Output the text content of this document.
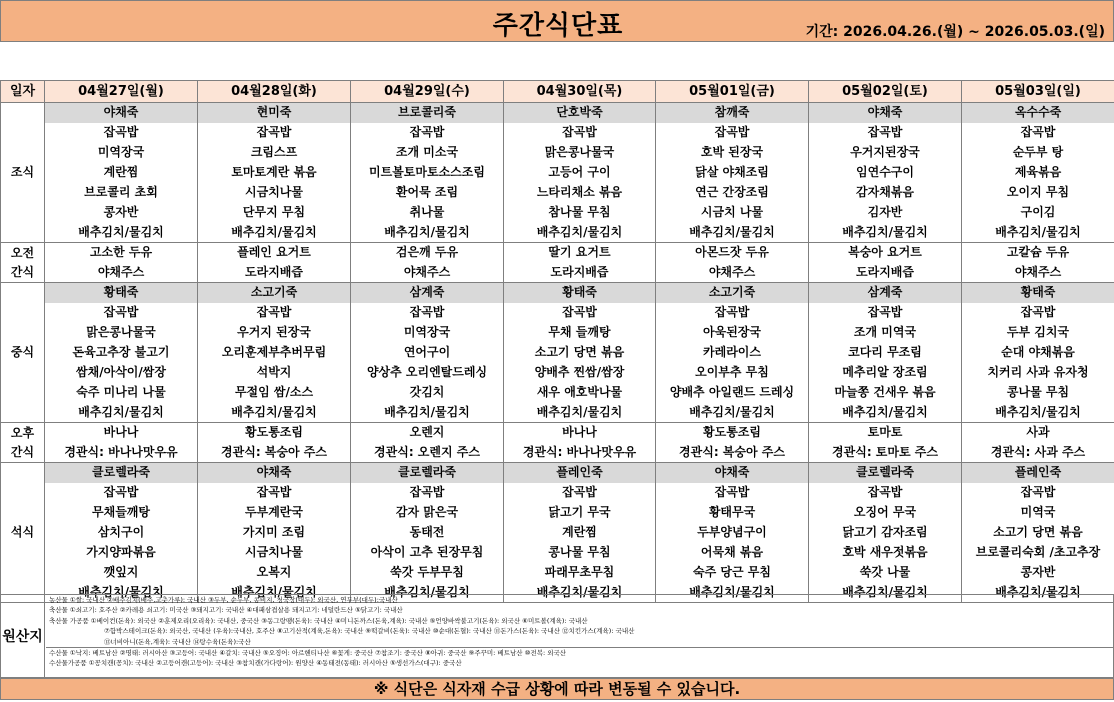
주간식단표	기간: 2026.04.26.(월) ~ 2026.05.03.(일)
일자	04월27일(월)	04월28일(화)	04월29일(수)	04월30일(목)	05월01일(금)	05월02일(토)	05월03일(일)
조식	야채죽	현미죽	브로콜리죽	단호박죽	참깨죽	야채죽	옥수수죽
	잡곡밥	잡곡밥	잡곡밥	잡곡밥	잡곡밥	잡곡밥	잡곡밥
	미역장국	크림스프	조개 미소국	맑은콩나물국	호박 된장국	우거지된장국	순두부 탕
	계란찜	토마토계란 볶음	미트볼토마토소스조림	고등어 구이	닭살 야채조림	임연수구이	제육볶음
	브로콜리 초회	시금치나물	환어묵 조림	느타리채소 볶음	연근 간장조림	감자채볶음	오이지 무침
	콩자반	단무지 무침	취나물	참나물 무침	시금치 나물	김자반	구이김
	배추김치/물김치	배추김치/물김치	배추김치/물김치	배추김치/물김치	배추김치/물김치	배추김치/물김치	배추김치/물김치

오전
간식	고소한 두유	플레인 요거트	검은깨 두유	딸기 요거트	아몬드잣 두유	복숭아 요거트	고칼슘 두유
	야채주스	도라지배즙	야채주스	도라지배즙	야채주스	도라지배즙	야채주스
중식	황태죽	소고기죽	삼계죽	황태죽	소고기죽	삼계죽	황태죽
	잡곡밥	잡곡밥	잡곡밥	잡곡밥	잡곡밥	잡곡밥	잡곡밥
	맑은콩나물국	우거지 된장국	미역장국	무채 들깨탕	아욱된장국	조개 미역국	두부 김치국
	돈육고추장 불고기	오리훈제부추버무림	연어구이	소고기 당면 볶음	카레라이스	코다리 무조림	순대 야채볶음
	쌈채/아삭이/쌈장	석박지	양상추 오리엔탈드레싱	양배추 찐쌈/쌈장	오이부추 무침	메추리알 장조림	치커리 사과 유자청
	숙주 미나리 나물	무절임 쌈/소스	갓김치	새우 애호박나물	양배추 아일랜드 드레싱	마늘쫑 건새우 볶음	콩나물 무침
	배추김치/물김치	배추김치/물김치	배추김치/물김치	배추김치/물김치	배추김치/물김치	배추김치/물김치	배추김치/물김치

오후
간식	바나나	황도통조림	오렌지	바나나	황도통조림	토마토	사과
	경관식: 바나나맛우유	경관식: 복숭아 주스	경관식: 오렌지 주스	경관식: 바나나맛우유	경관식: 복숭아 주스	경관식: 토마토 주스	경관식: 사과 주스
석식	클로렐라죽	야채죽	클로렐라죽	플레인죽	야채죽	클로렐라죽	플레인죽
	잡곡밥	잡곡밥	잡곡밥	잡곡밥	잡곡밥	잡곡밥	잡곡밥
	무채들깨탕	두부계란국	감자 맑은국	닭고기 무국	황태무국	오징어 무국	미역국
	삼치구이	가지미 조림	동태전	계란찜	두부양념구이	닭고기 감자조림	소고기 당면 볶음
	가지양파볶음	시금치나물	아삭이 고추 된장무침	콩나물 무침	어묵채 볶음	호박 새우젓볶음	브로콜리숙회 /초고추장
	깻잎지	오복지	쑥갓 두부무침	파래무초무침	숙주 당근 무침	쑥갓 나물	콩자반
	배추김치/물김치	배추김치/물김치	배추김치/물김치	배추김치/물김치	배추김치/물김치	배추김치/물김치	배추김치/물김치
원산지
농산물 ①쌀: 국내산 ②배추김치(배추,고춧가루): 국내산 ③두부, 순두부, 콩비지, 청국장(대두): 외국산, 연두부(대두):국내산
축산물 ①쇠고기: 호주산 ②카레용 쇠고기: 미국산 ③돼지고기: 국내산 ④대패삼겹살용 돼지고기: 네덜란드산 ⑤닭고기: 국내산
축산물 가공품 ①베이컨(돈육): 외국산 ②훈제오리(오리육): 국내산, 중국산 ③동그랑땡(돈육): 국내산 ④미니돈까스(돈육,계육): 국내산 ⑤언양바싹불고기(돈육): 외국산 ⑥미트볼(계육): 국내산
⑦함박스테이크(돈육): 외국산, 국내산 (우육):국내산, 호주산 ⑧고기산적(계육,돈육): 국내산 ⑨떡갈비(돈육): 국내산 ⑩순대(돈혈): 국내산 ⑪돈가스(돈육): 국내산 ⑫치킨가스(계육): 국내산
⑬너비아니(돈육,계육): 국내산 ⑭탕수육(돈육):국산
수산물 ①낙지: 베트남산 ②명태: 러시아산 ③고등어: 국내산 ④갈치: 국내산 ⑤오징어: 아르헨티나산 ⑥꽃게: 중국산 ⑦참조기: 중국산 ⑧아귀: 중국산 ⑨주꾸미: 베트남산 ⑩전복: 외국산
수산물가공품 ①꽁치캔(꽁치): 국내산 ②고등어캔(고등어): 국내산 ③참치캔(가다랑어): 원양산 ④동태전(동태): 러시아산 ⑤생선가스(대구): 중국산
※ 식단은 식자재 수급 상황에 따라 변동될 수 있습니다.
